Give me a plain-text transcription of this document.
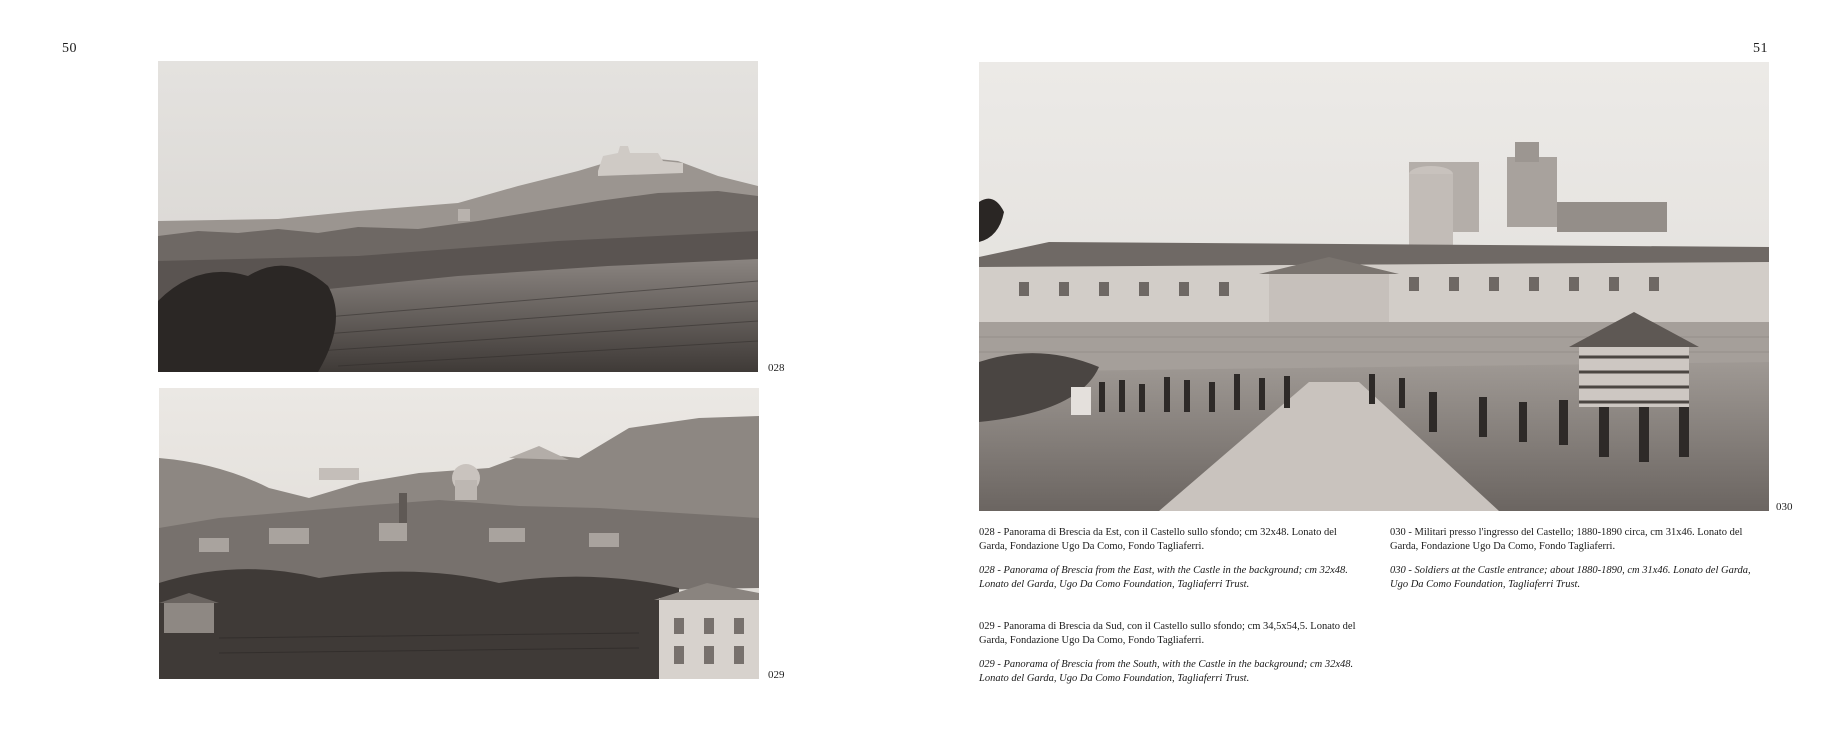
50	51
028
029
030

028 - Panorama di Brescia da Est, con il Castello sullo sfondo; cm 32x48. Lonato del Garda, Fondazione Ugo Da Como, Fondo Tagliaferri.

028 - Panorama of Brescia from the East, with the Castle in the background; cm 32x48. Lonato del Garda, Ugo Da Como Foundation, Tagliaferri Trust.

029 - Panorama di Brescia da Sud, con il Castello sullo sfondo; cm 34,5x54,5. Lonato del Garda, Fondazione Ugo Da Como, Fondo Tagliaferri.

029 - Panorama of Brescia from the South, with the Castle in the background; cm 32x48. Lonato del Garda, Ugo Da Como Foundation, Tagliaferri Trust.

030 - Militari presso l'ingresso del Castello; 1880-1890 circa, cm 31x46. Lonato del Garda, Fondazione Ugo Da Como, Fondo Tagliaferri.

030 - Soldiers at the Castle entrance; about 1880-1890, cm 31x46. Lonato del Garda, Ugo Da Como Foundation, Tagliaferri Trust.
